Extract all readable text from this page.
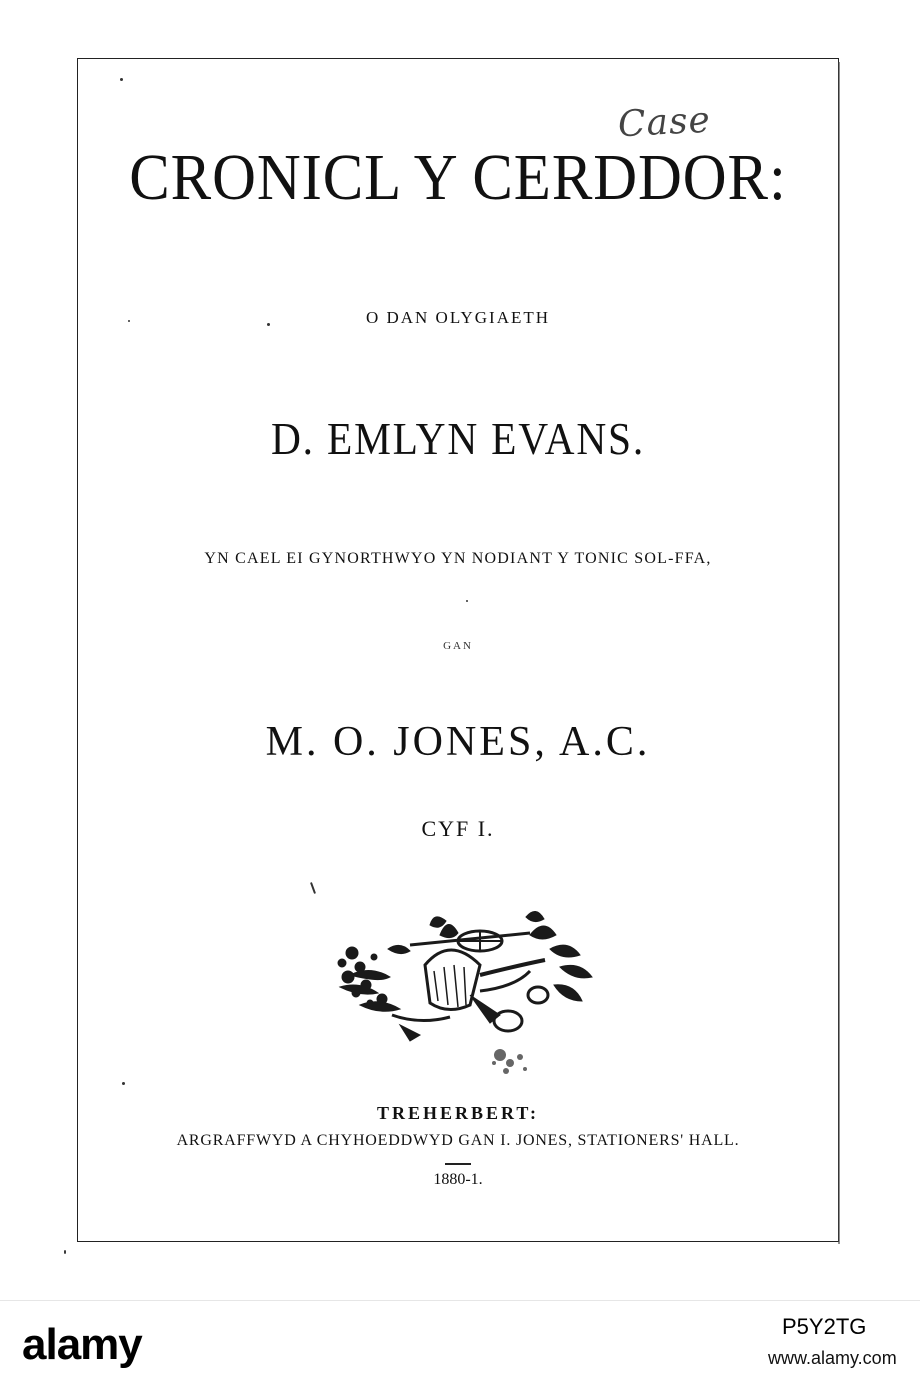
Case
CRONICL Y CERDDOR:
O DAN OLYGIAETH
D. EMLYN EVANS.
YN CAEL EI GYNORTHWYO YN NODIANT Y TONIC SOL-FFA,
GAN
M. O. JONES, A.C.
CYF I.
TREHERBERT:
ARGRAFFWYD A CHYHOEDDWYD GAN I. JONES, STATIONERS' HALL.
1880-1.
alamy	P5Y2TG
www.alamy.com
